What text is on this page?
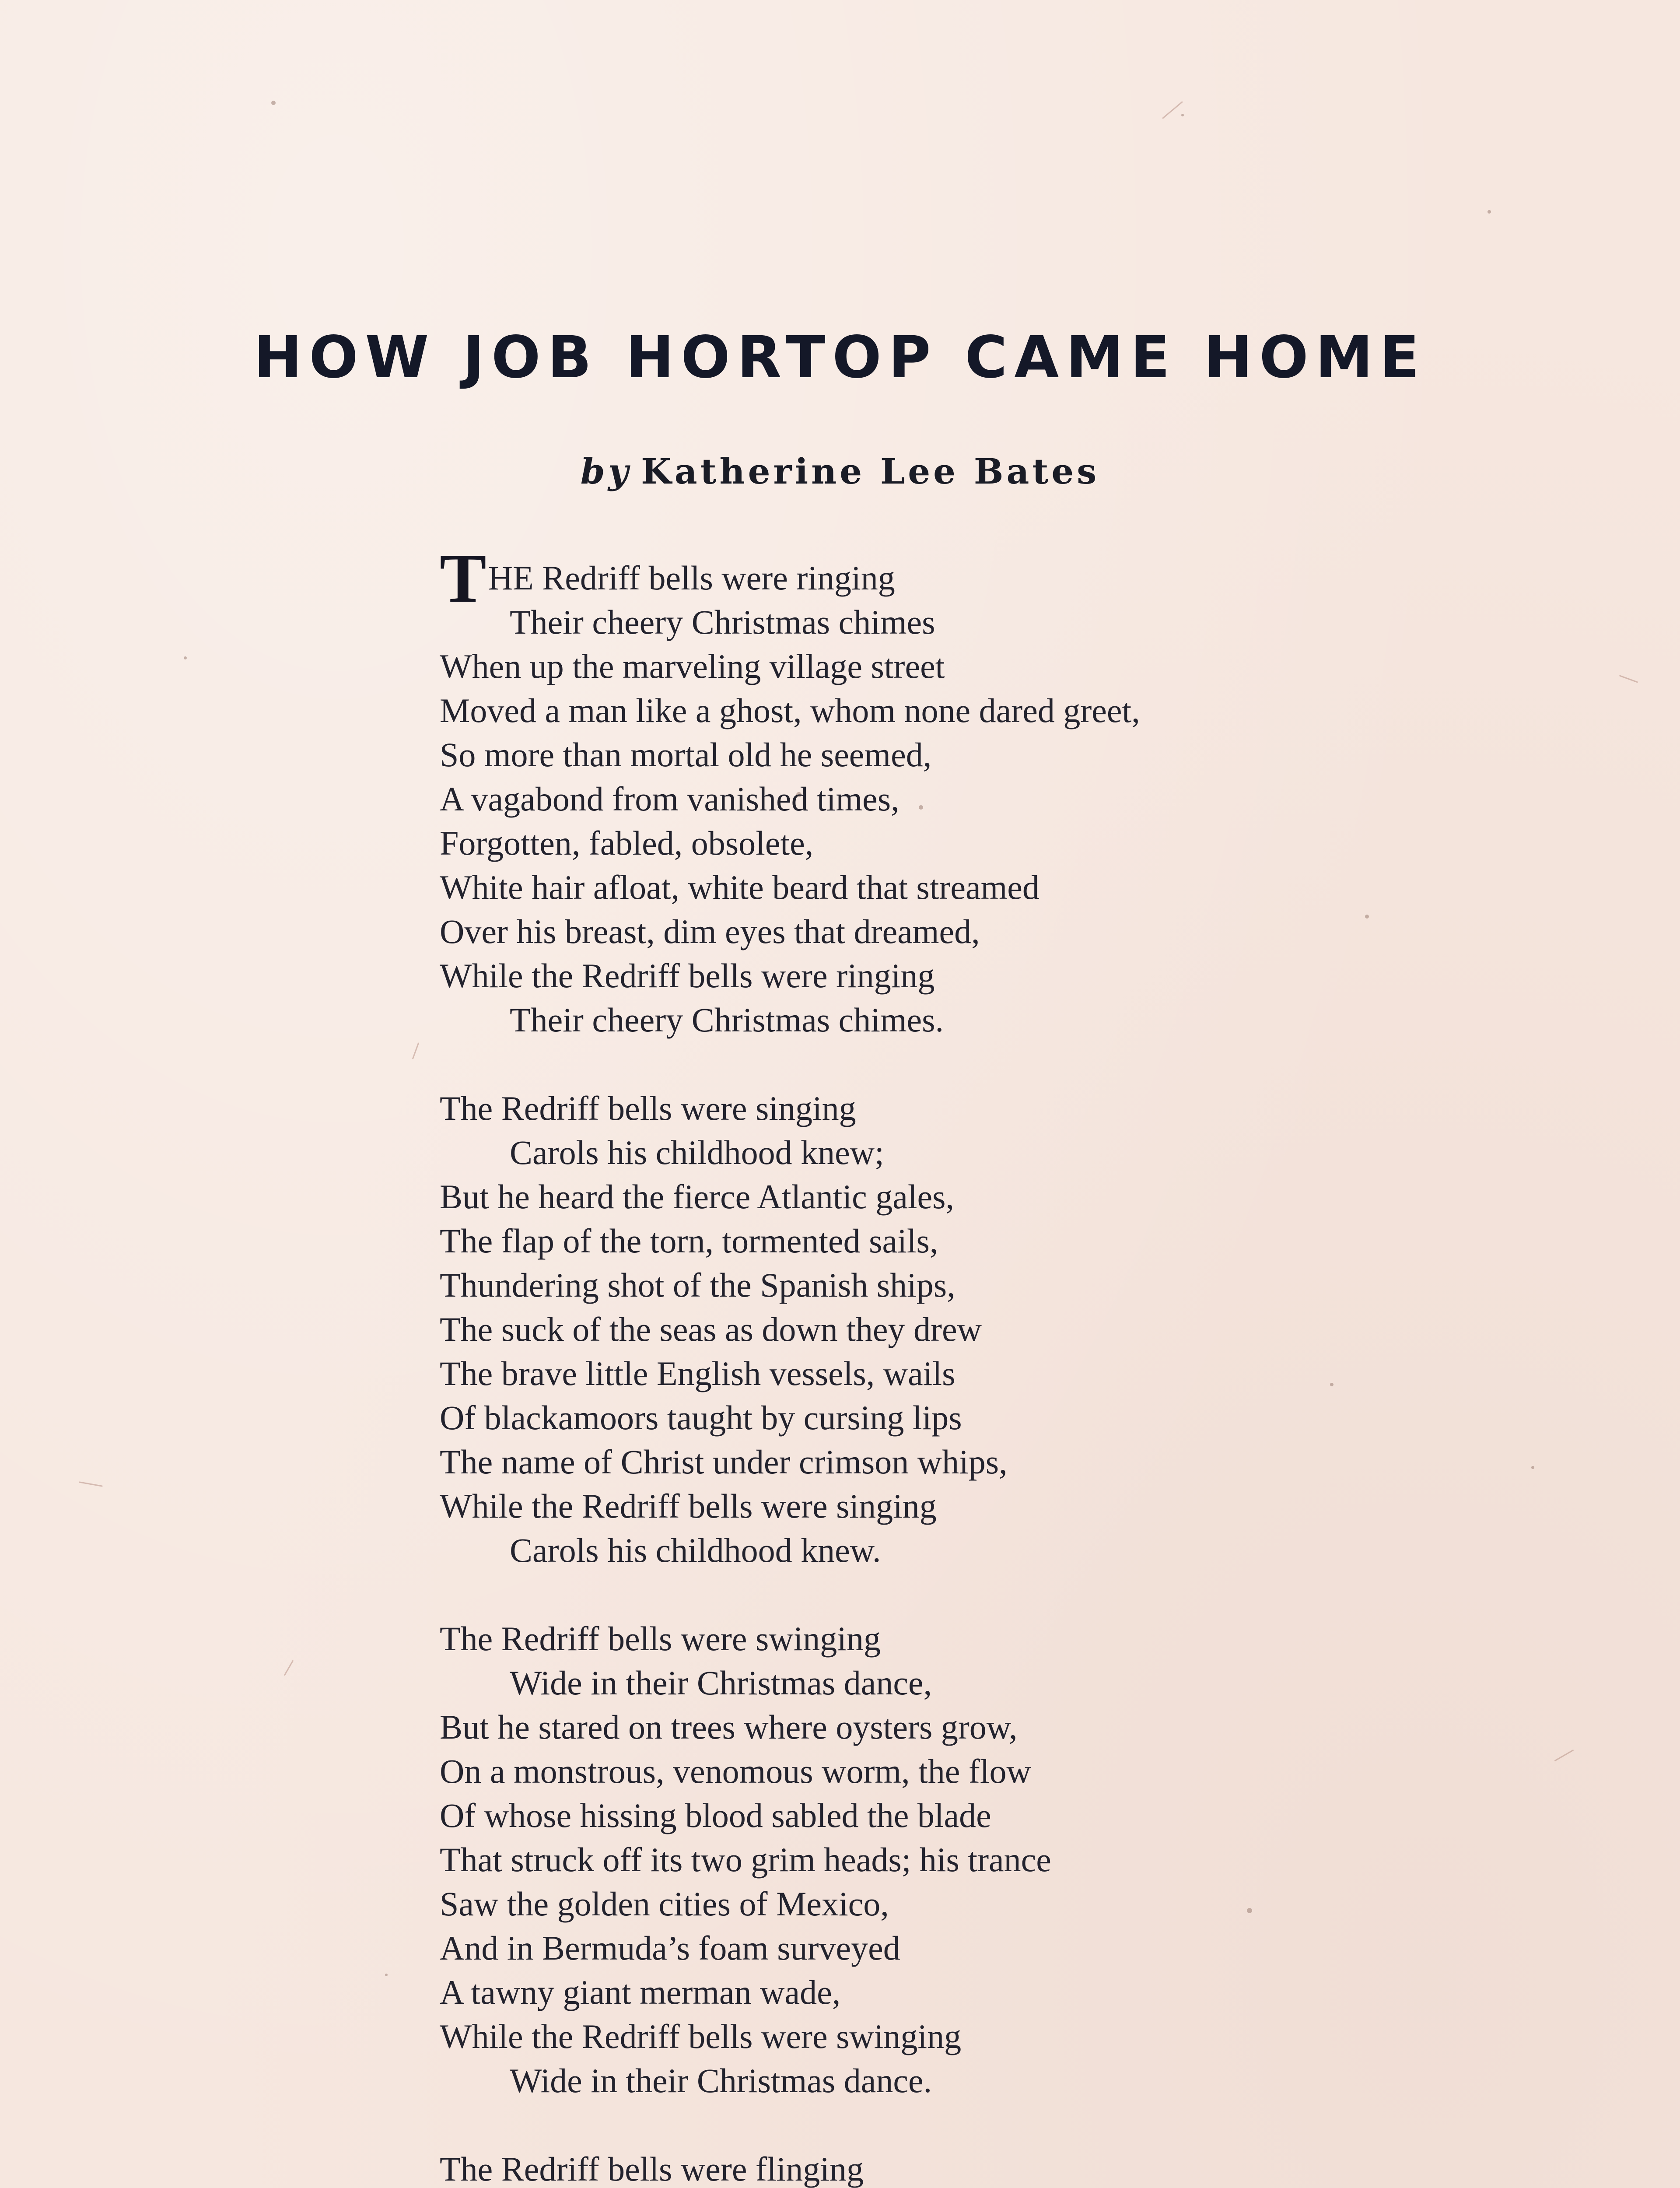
HOW JOB HORTOP CAME HOME
by Katherine Lee Bates
THE Redriff bells were ringing
Their cheery Christmas chimes
When up the marveling village street
Moved a man like a ghost, whom none dared greet,
So more than mortal old he seemed,
A vagabond from vanished times,
Forgotten, fabled, obsolete,
White hair afloat, white beard that streamed
Over his breast, dim eyes that dreamed,
While the Redriff bells were ringing
Their cheery Christmas chimes.
The Redriff bells were singing
Carols his childhood knew;
But he heard the fierce Atlantic gales,
The flap of the torn, tormented sails,
Thundering shot of the Spanish ships,
The suck of the seas as down they drew
The brave little English vessels, wails
Of blackamoors taught by cursing lips
The name of Christ under crimson whips,
While the Redriff bells were singing
Carols his childhood knew.
The Redriff bells were swinging
Wide in their Christmas dance,
But he stared on trees where oysters grow,
On a monstrous, venomous worm, the flow
Of whose hissing blood sabled the blade
That struck off its two grim heads; his trance
Saw the golden cities of Mexico,
And in Bermuda’s foam surveyed
A tawny giant merman wade,
While the Redriff bells were swinging
Wide in their Christmas dance.
The Redriff bells were flinging
